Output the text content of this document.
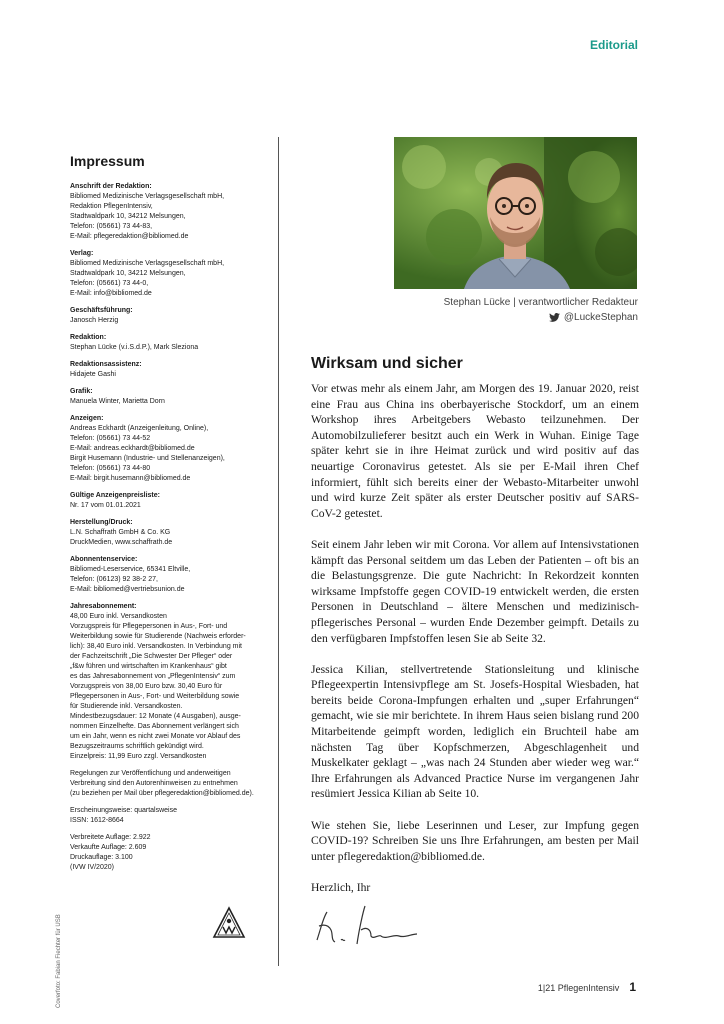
Editorial
Impressum
Anschrift der Redaktion:
Bibliomed Medizinische Verlagsgesellschaft mbH,
Redaktion PflegenIntensiv,
Stadtwaldpark 10, 34212 Melsungen,
Telefon: (05661) 73 44-83,
E-Mail: pflegeredaktion@bibliomed.de
Verlag:
Bibliomed Medizinische Verlagsgesellschaft mbH,
Stadtwaldpark 10, 34212 Melsungen,
Telefon: (05661) 73 44-0,
E-Mail: info@bibliomed.de
Geschäftsführung:
Janosch Herzig
Redaktion:
Stephan Lücke (v.i.S.d.P.), Mark Sleziona
Redaktionsassistenz:
Hidajete Gashi
Grafik:
Manuela Winter, Marietta Dorn
Anzeigen:
Andreas Eckhardt (Anzeigenleitung, Online),
Telefon: (05661) 73 44-52
E-Mail: andreas.eckhardt@bibliomed.de
Birgit Husemann (Industrie- und Stellenanzeigen),
Telefon: (05661) 73 44-80
E-Mail: birgit.husemann@bibliomed.de
Gültige Anzeigenpreisliste:
Nr. 17 vom 01.01.2021
Herstellung/Druck:
L.N. Schaffrath GmbH & Co. KG
DruckMedien, www.schaffrath.de
Abonnentenservice:
Bibliomed-Leserservice, 65341 Eltville,
Telefon: (06123) 92 38-2 27,
E-Mail: bibliomed@vertriebsunion.de
Jahresabonnement:
48,00 Euro inkl. Versandkosten
Vorzugspreis für Pflegepersonen in Aus-, Fort- und
Weiterbildung sowie für Studierende (Nachweis erforder-
lich): 38,40 Euro inkl. Versandkosten. In Verbindung mit
der Fachzeitschrift „Die Schwester Der Pfleger“ oder
„f&w führen und wirtschaften im Krankenhaus“ gibt
es das Jahresabonnement von „PflegenIntensiv“ zum
Vorzugspreis von 38,00 Euro bzw. 30,40 Euro für
Pflegepersonen in Aus-, Fort- und Weiterbildung sowie
für Studierende inkl. Versandkosten.
Mindestbezugsdauer: 12 Monate (4 Ausgaben), ausge-
nommen Einzelhefte. Das Abonnement verlängert sich
um ein Jahr, wenn es nicht zwei Monate vor Ablauf des
Bezugszeitraums schriftlich gekündigt wird.
Einzelpreis: 11,99 Euro zzgl. Versandkosten
Regelungen zur Veröffentlichung und anderweitigen
Verbreitung sind den Autorenhinweisen zu entnehmen
(zu beziehen per Mail über pflegeredaktion@bibliomed.de).
Erscheinungsweise: quartalsweise
ISSN: 1612-8664
Verbreitete Auflage: 2.922
Verkaufte Auflage: 2.609
Druckauflage: 3.100
(IVW IV/2020)
Coverfoto: Fabian Fiechter für USB
Stephan Lücke | verantwortlicher Redakteur
@LuckeStephan
Wirksam und sicher

Vor etwas mehr als einem Jahr, am Morgen des 19. Januar 2020, reist eine Frau aus China ins oberbayerische Stockdorf, um an einem Workshop ihres Arbeitgebers Webasto teilzunehmen. Der Automobilzulieferer besitzt auch ein Werk in Wuhan. Einige Tage später kehrt sie in ihre Heimat zurück und wird positiv auf das neuartige Coronavirus getestet. Als sie per E-Mail ihren Chef informiert, fühlt sich bereits einer der Webasto-Mitarbeiter unwohl und wird kurze Zeit später als erster Deutscher positiv auf SARS-CoV-2 getestet.

Seit einem Jahr leben wir mit Corona. Vor allem auf Intensivstationen kämpft das Personal seitdem um das Leben der Patienten – oft bis an die Belastungsgrenze. Die gute Nachricht: In Rekordzeit konnten wirksame Impfstoffe gegen COVID-19 entwickelt werden, die ersten Personen in Deutschland – ältere Menschen und medizinisch-pflegerisches Personal – wurden Ende Dezember geimpft. Details zu den verfügbaren Impfstoffen lesen Sie ab Seite 32.

Jessica Kilian, stellvertretende Stationsleitung und klinische Pflegeexpertin Intensivpflege am St. Josefs-Hospital Wiesbaden, hat bereits beide Corona-Impfungen erhalten und „super Erfahrungen“ gemacht, wie sie mir berichtete. In ihrem Haus seien bislang rund 200 Mitarbeitende geimpft worden, lediglich ein Bruchteil habe am nächsten Tag über Kopfschmerzen, Abgeschlagenheit und Muskelkater geklagt – „was nach 24 Stunden aber wieder weg war.“ Ihre Erfahrungen als Advanced Practice Nurse im vergangenen Jahr resümiert Jessica Kilian ab Seite 10.

Wie stehen Sie, liebe Leserinnen und Leser, zur Impfung gegen COVID-19? Schreiben Sie uns Ihre Erfahrungen, am besten per Mail unter pflegeredaktion@bibliomed.de.

Herzlich, Ihr

1|21 PflegenIntensiv 1
